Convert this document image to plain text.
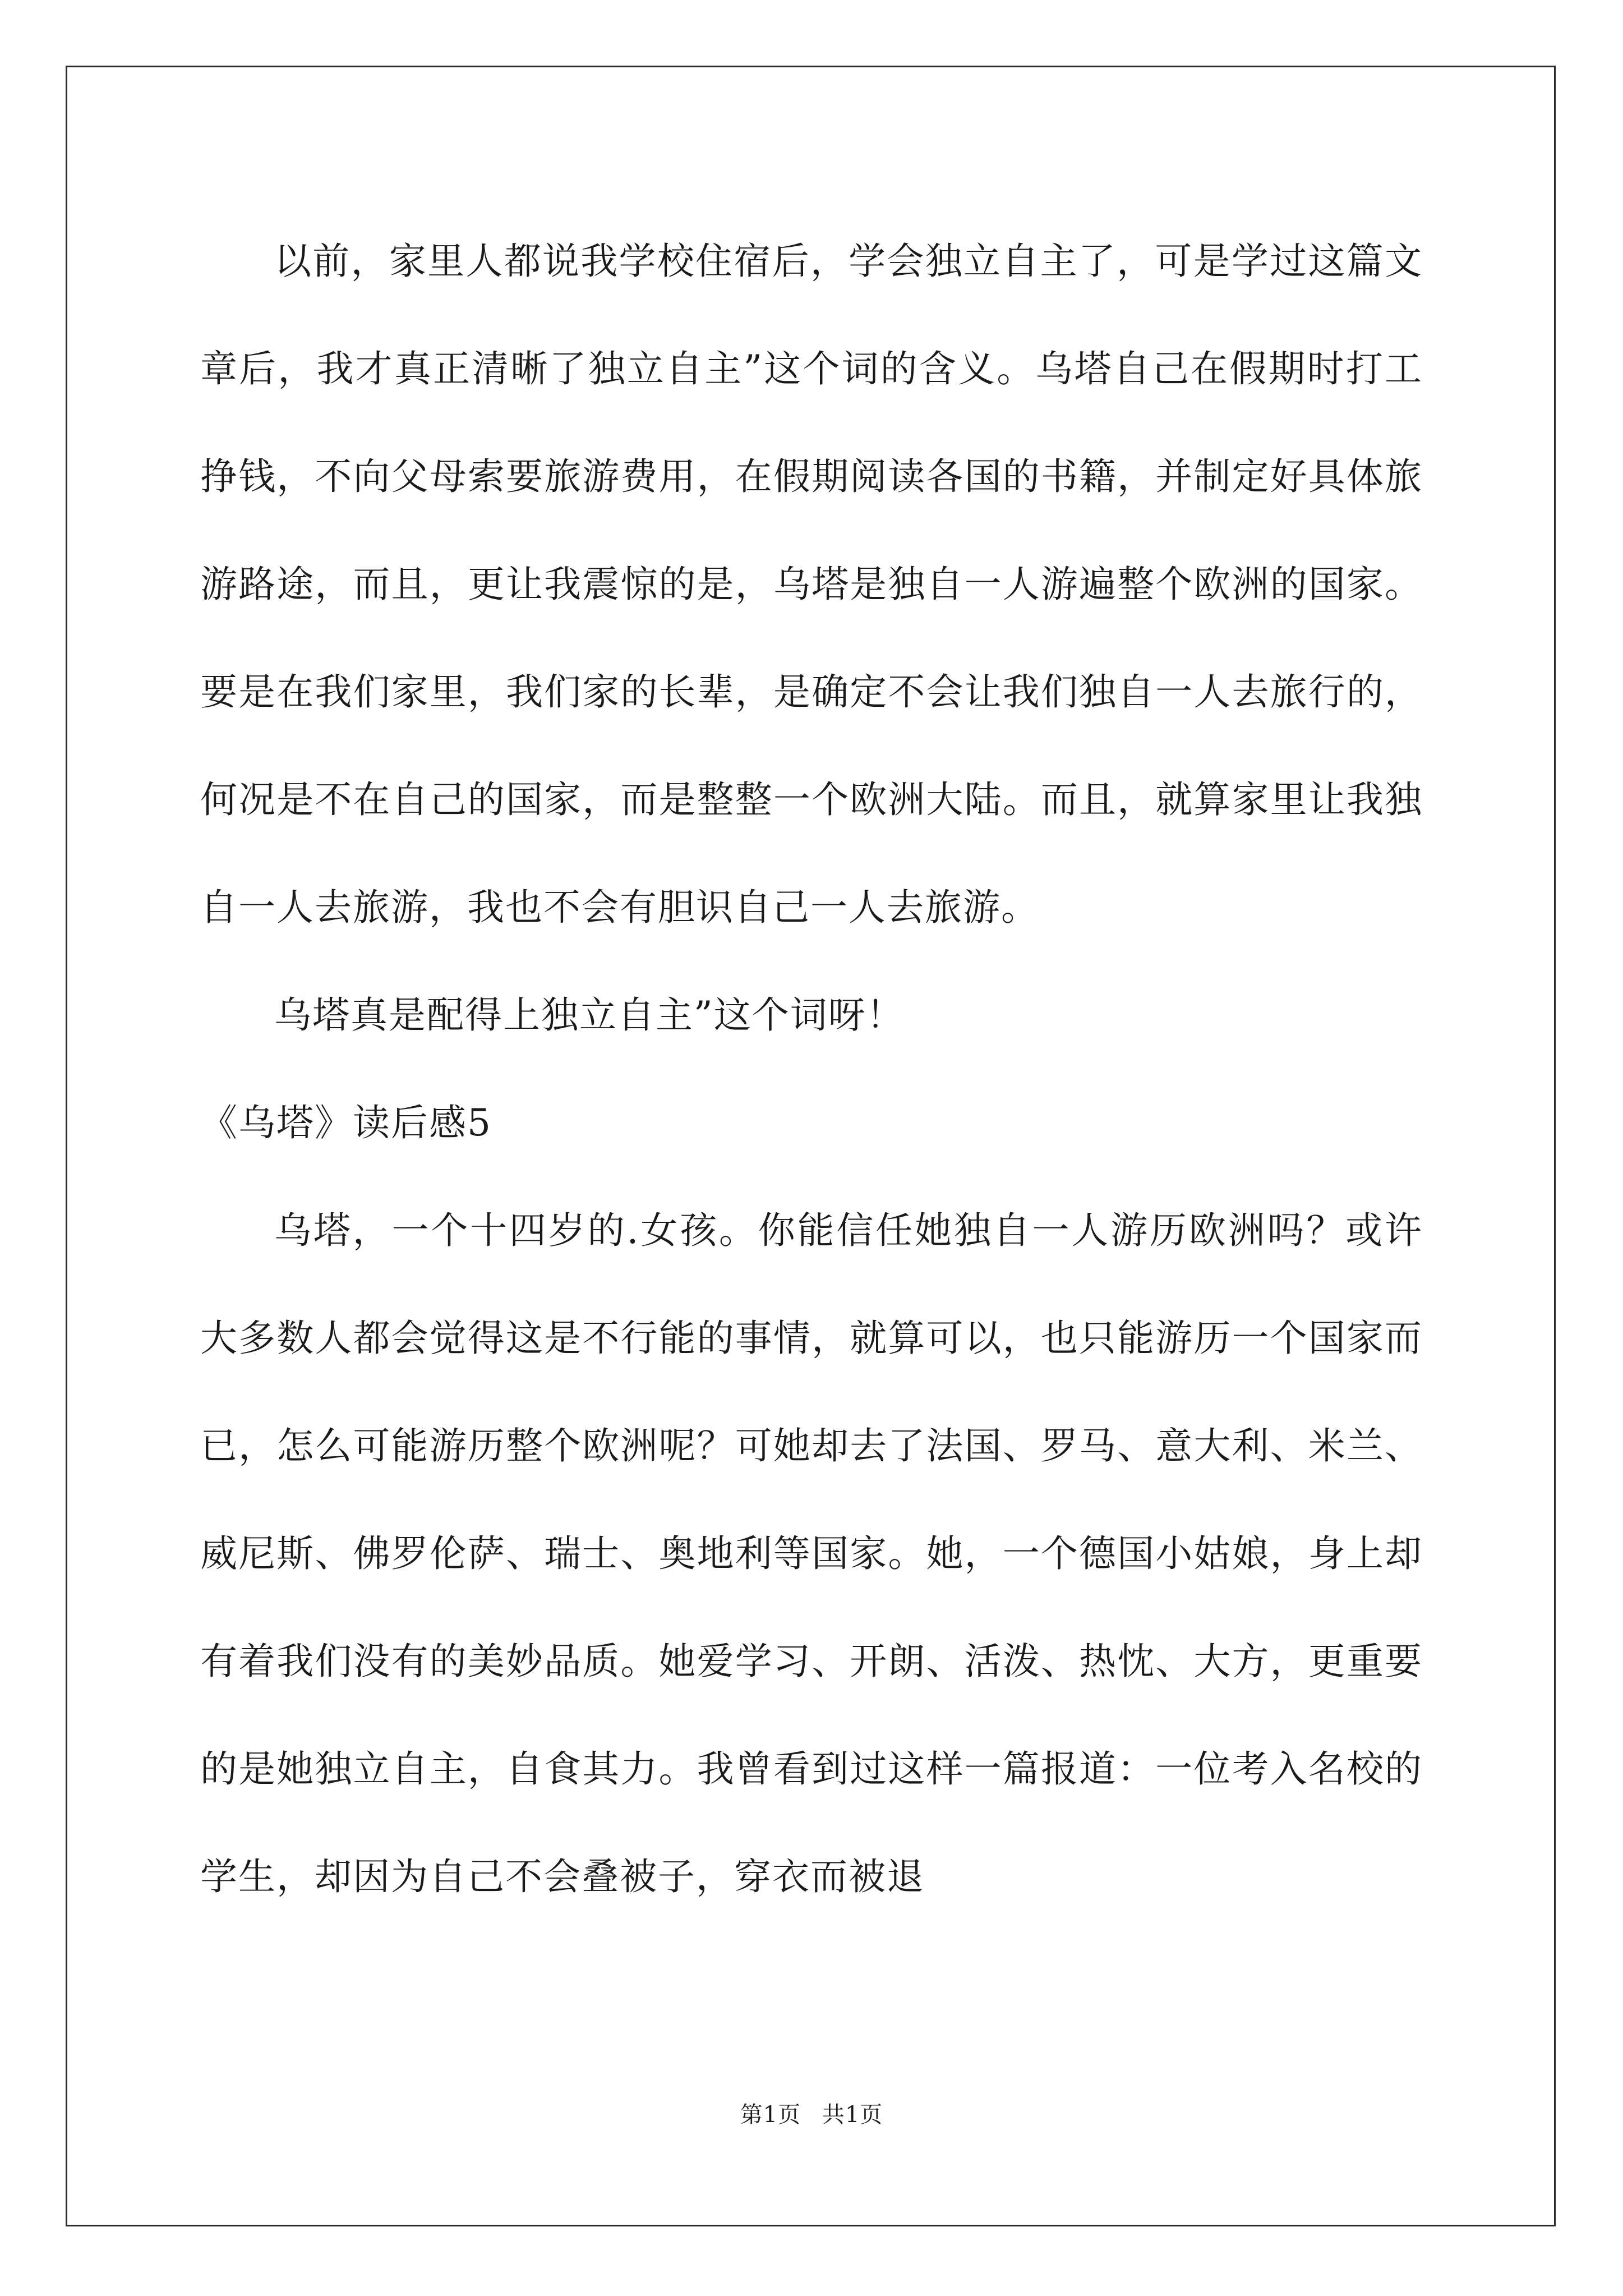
以前，家里人都说我学校住宿后，学会独立自主了，可是学过这篇文章后，我才真正清晰了独立自主”这个词的含义。乌塔自己在假期时打工挣钱，不向父母索要旅游费用，在假期阅读各国的书籍，并制定好具体旅游路途，而且，更让我震惊的是，乌塔是独自一人游遍整个欧洲的国家。要是在我们家里，我们家的长辈，是确定不会让我们独自一人去旅行的，何况是不在自己的国家，而是整整一个欧洲大陆。而且，就算家里让我独自一人去旅游，我也不会有胆识自己一人去旅游。

乌塔真是配得上独立自主”这个词呀！

《乌塔》读后感5

乌塔，一个十四岁的.女孩。你能信任她独自一人游历欧洲吗？或许大多数人都会觉得这是不行能的事情，就算可以，也只能游历一个国家而已，怎么可能游历整个欧洲呢？可她却去了法国、罗马、意大利、米兰、威尼斯、佛罗伦萨、瑞士、奥地利等国家。她，一个德国小姑娘，身上却有着我们没有的美妙品质。她爱学习、开朗、活泼、热忱、大方，更重要的是她独立自主，自食其力。我曾看到过这样一篇报道：一位考入名校的学生，却因为自己不会叠被子，穿衣而被退

第1页 共1页
